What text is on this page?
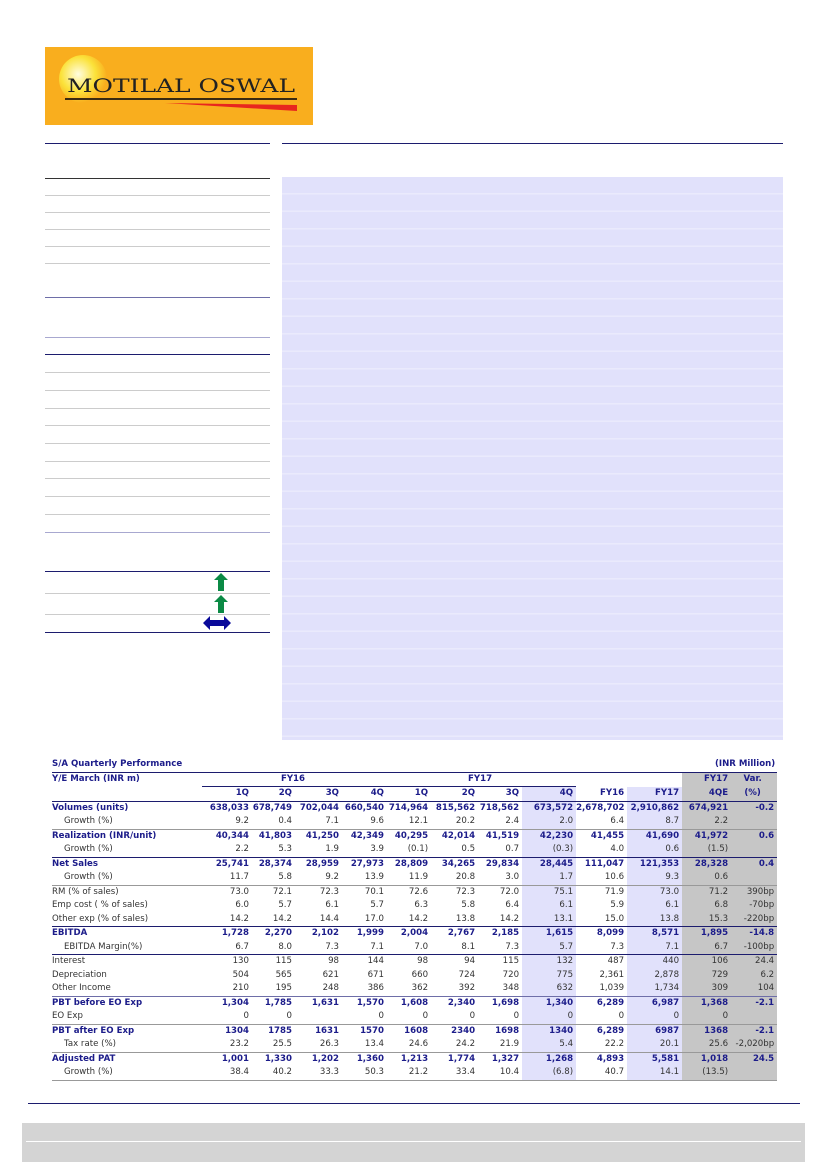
MOTILAL OSWAL
S/A Quarterly Performance						(INR Million)						
Y/E March (INR m)	FY16				FY17						FY17	Var.
	1Q	2Q	3Q	4Q	1Q	2Q	3Q	4Q	FY16	FY17	4QE	(%)
Volumes (units)	638,033	678,749	702,044	660,540	714,964	815,562	718,562	673,572	2,678,702	2,910,862	674,921	-0.2
Growth (%)	9.2	0.4	7.1	9.6	12.1	20.2	2.4	2.0	6.4	8.7	2.2	
Realization (INR/unit)	40,344	41,803	41,250	42,349	40,295	42,014	41,519	42,230	41,455	41,690	41,972	0.6
Growth (%)	2.2	5.3	1.9	3.9	(0.1)	0.5	0.7	(0.3)	4.0	0.6	(1.5)	
Net Sales	25,741	28,374	28,959	27,973	28,809	34,265	29,834	28,445	111,047	121,353	28,328	0.4
Growth (%)	11.7	5.8	9.2	13.9	11.9	20.8	3.0	1.7	10.6	9.3	0.6	
RM (% of sales)	73.0	72.1	72.3	70.1	72.6	72.3	72.0	75.1	71.9	73.0	71.2	390bp
Emp cost ( % of sales)	6.0	5.7	6.1	5.7	6.3	5.8	6.4	6.1	5.9	6.1	6.8	-70bp
Other exp (% of sales)	14.2	14.2	14.4	17.0	14.2	13.8	14.2	13.1	15.0	13.8	15.3	-220bp
EBITDA	1,728	2,270	2,102	1,999	2,004	2,767	2,185	1,615	8,099	8,571	1,895	-14.8
EBITDA Margin(%)	6.7	8.0	7.3	7.1	7.0	8.1	7.3	5.7	7.3	7.1	6.7	-100bp
Interest	130	115	98	144	98	94	115	132	487	440	106	24.4
Depreciation	504	565	621	671	660	724	720	775	2,361	2,878	729	6.2
Other Income	210	195	248	386	362	392	348	632	1,039	1,734	309	104
PBT before EO Exp	1,304	1,785	1,631	1,570	1,608	2,340	1,698	1,340	6,289	6,987	1,368	-2.1
EO Exp	0	0		0	0	0	0	0	0	0	0	
PBT after EO Exp	1304	1785	1631	1570	1608	2340	1698	1340	6,289	6987	1368	-2.1
Tax rate (%)	23.2	25.5	26.3	13.4	24.6	24.2	21.9	5.4	22.2	20.1	25.6	-2,020bp
Adjusted PAT	1,001	1,330	1,202	1,360	1,213	1,774	1,327	1,268	4,893	5,581	1,018	24.5
Growth (%)	38.4	40.2	33.3	50.3	21.2	33.4	10.4	(6.8)	40.7	14.1	(13.5)	
